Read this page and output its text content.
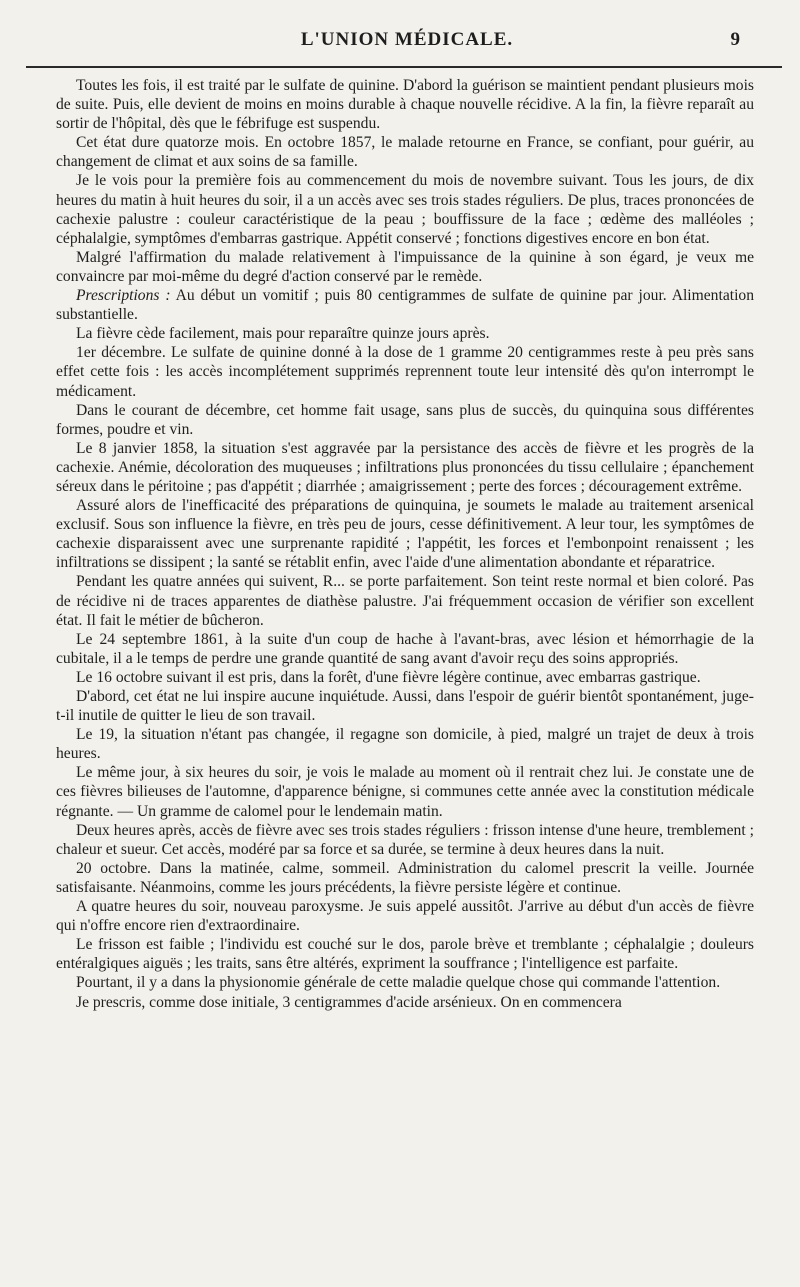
L'UNION MÉDICALE.	9

Toutes les fois, il est traité par le sulfate de quinine. D'abord la guérison se maintient pendant plusieurs mois de suite. Puis, elle devient de moins en moins durable à chaque nouvelle récidive. A la fin, la fièvre reparaît au sortir de l'hôpital, dès que le fébrifuge est suspendu.

Cet état dure quatorze mois. En octobre 1857, le malade retourne en France, se confiant, pour guérir, au changement de climat et aux soins de sa famille.

Je le vois pour la première fois au commencement du mois de novembre suivant. Tous les jours, de dix heures du matin à huit heures du soir, il a un accès avec ses trois stades réguliers. De plus, traces prononcées de cachexie palustre : couleur caractéristique de la peau ; bouffissure de la face ; œdème des malléoles ; céphalalgie, symptômes d'embarras gastrique. Appétit conservé ; fonctions digestives encore en bon état.

Malgré l'affirmation du malade relativement à l'impuissance de la quinine à son égard, je veux me convaincre par moi-même du degré d'action conservé par le remède.

Prescriptions : Au début un vomitif ; puis 80 centigrammes de sulfate de quinine par jour. Alimentation substantielle.

La fièvre cède facilement, mais pour reparaître quinze jours après.

1er décembre. Le sulfate de quinine donné à la dose de 1 gramme 20 centigrammes reste à peu près sans effet cette fois : les accès incomplétement supprimés reprennent toute leur intensité dès qu'on interrompt le médicament.

Dans le courant de décembre, cet homme fait usage, sans plus de succès, du quinquina sous différentes formes, poudre et vin.

Le 8 janvier 1858, la situation s'est aggravée par la persistance des accès de fièvre et les progrès de la cachexie. Anémie, décoloration des muqueuses ; infiltrations plus prononcées du tissu cellulaire ; épanchement séreux dans le péritoine ; pas d'appétit ; diarrhée ; amaigrissement ; perte des forces ; découragement extrême.

Assuré alors de l'inefficacité des préparations de quinquina, je soumets le malade au traitement arsenical exclusif. Sous son influence la fièvre, en très peu de jours, cesse définitivement. A leur tour, les symptômes de cachexie disparaissent avec une surprenante rapidité ; l'appétit, les forces et l'embonpoint renaissent ; les infiltrations se dissipent ; la santé se rétablit enfin, avec l'aide d'une alimentation abondante et réparatrice.

Pendant les quatre années qui suivent, R... se porte parfaitement. Son teint reste normal et bien coloré. Pas de récidive ni de traces apparentes de diathèse palustre. J'ai fréquemment occasion de vérifier son excellent état. Il fait le métier de bûcheron.

Le 24 septembre 1861, à la suite d'un coup de hache à l'avant-bras, avec lésion et hémorrhagie de la cubitale, il a le temps de perdre une grande quantité de sang avant d'avoir reçu des soins appropriés.

Le 16 octobre suivant il est pris, dans la forêt, d'une fièvre légère continue, avec embarras gastrique.

D'abord, cet état ne lui inspire aucune inquiétude. Aussi, dans l'espoir de guérir bientôt spontanément, juge-t-il inutile de quitter le lieu de son travail.

Le 19, la situation n'étant pas changée, il regagne son domicile, à pied, malgré un trajet de deux à trois heures.

Le même jour, à six heures du soir, je vois le malade au moment où il rentrait chez lui. Je constate une de ces fièvres bilieuses de l'automne, d'apparence bénigne, si communes cette année avec la constitution médicale régnante. — Un gramme de calomel pour le lendemain matin.

Deux heures après, accès de fièvre avec ses trois stades réguliers : frisson intense d'une heure, tremblement ; chaleur et sueur. Cet accès, modéré par sa force et sa durée, se termine à deux heures dans la nuit.

20 octobre. Dans la matinée, calme, sommeil. Administration du calomel prescrit la veille. Journée satisfaisante. Néanmoins, comme les jours précédents, la fièvre persiste légère et continue.

A quatre heures du soir, nouveau paroxysme. Je suis appelé aussitôt. J'arrive au début d'un accès de fièvre qui n'offre encore rien d'extraordinaire.

Le frisson est faible ; l'individu est couché sur le dos, parole brève et tremblante ; céphalalgie ; douleurs entéralgiques aiguës ; les traits, sans être altérés, expriment la souffrance ; l'intelligence est parfaite.

Pourtant, il y a dans la physionomie générale de cette maladie quelque chose qui commande l'attention.

Je prescris, comme dose initiale, 3 centigrammes d'acide arsénieux. On en commencera
